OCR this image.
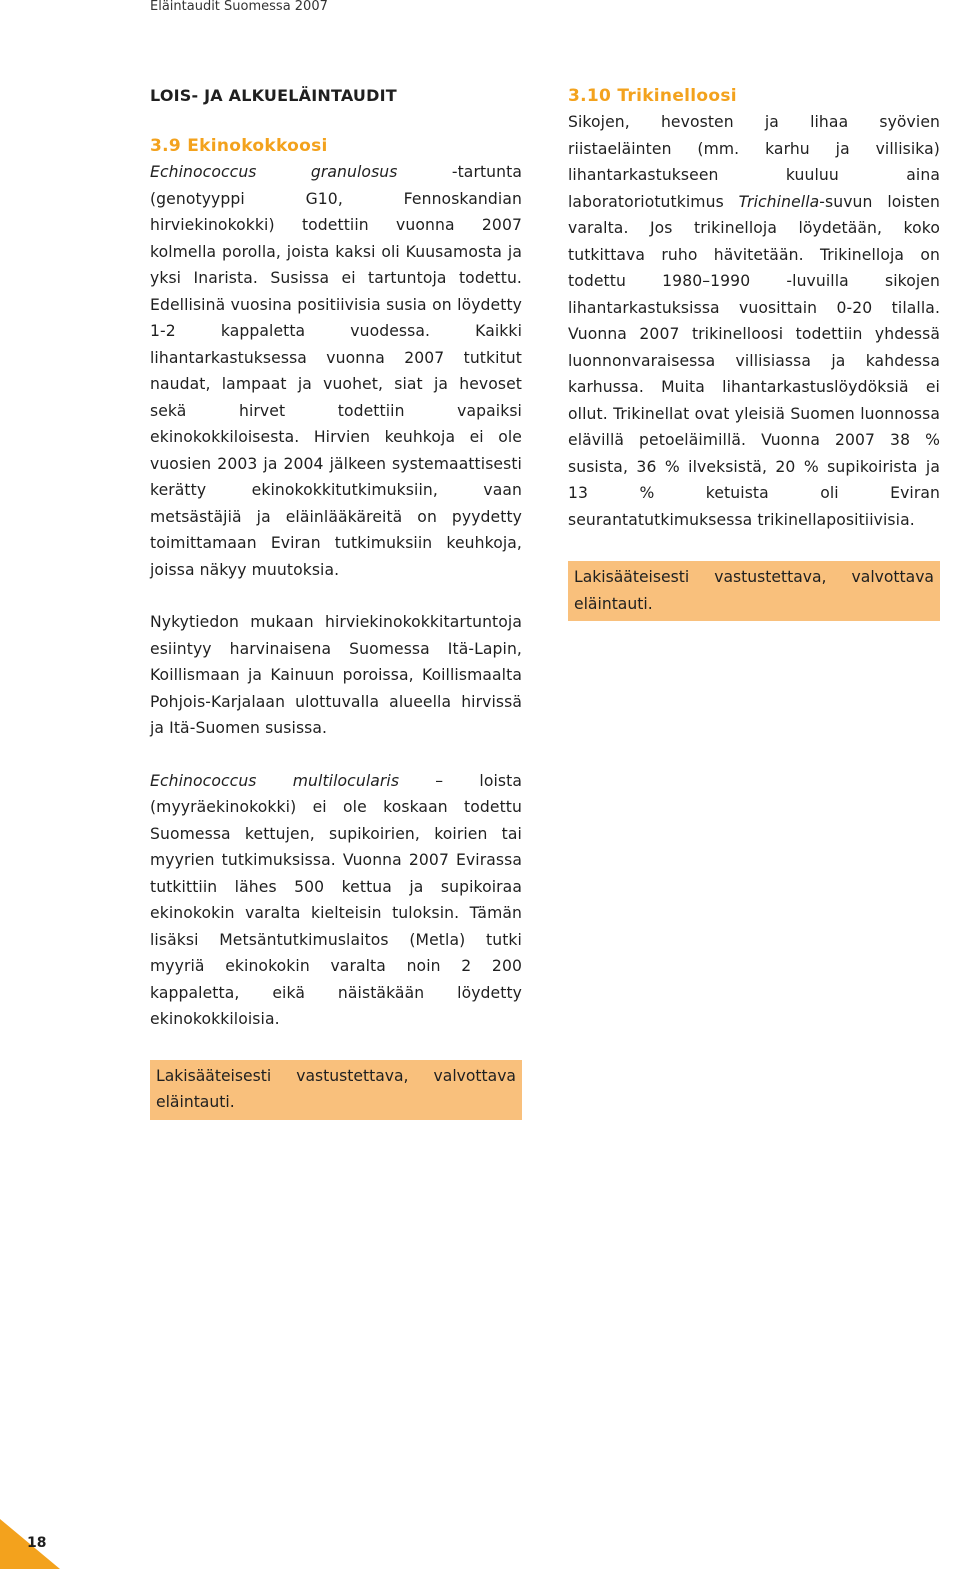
Eläintaudit Suomessa 2007
LOIS- JA ALKUELÄINTAUDIT
3.9 Ekinokokkoosi

Echinococcus granulosus -tartunta (genotyyppi G10, Fennoskandian hirviekinokokki) todettiin vuonna 2007 kolmella porolla, joista kaksi oli Kuusamosta ja yksi Inarista. Susissa ei tartuntoja todettu. Edellisinä vuosina positiivisia susia on löydetty 1-2 kappaletta vuodessa. Kaikki lihantarkastuksessa vuonna 2007 tutkitut naudat, lampaat ja vuohet, siat ja hevoset sekä hirvet todettiin vapaiksi ekinokokkiloisesta. Hirvien keuhkoja ei ole vuosien 2003 ja 2004 jälkeen systemaattisesti kerätty ekinokokkitutkimuksiin, vaan metsästäjiä ja eläinlääkäreitä on pyydetty toimittamaan Eviran tutkimuksiin keuhkoja, joissa näkyy muutoksia.

Nykytiedon mukaan hirviekinokokkitartuntoja esiintyy harvinaisena Suomessa Itä-Lapin, Koillismaan ja Kainuun poroissa, Koillismaalta Pohjois-Karjalaan ulottuvalla alueella hirvissä ja Itä-Suomen susissa.

Echinococcus multilocularis – loista (myyräekinokokki) ei ole koskaan todettu Suomessa kettujen, supikoirien, koirien tai myyrien tutkimuksissa. Vuonna 2007 Evirassa tutkittiin lähes 500 kettua ja supikoiraa ekinokokin varalta kielteisin tuloksin. Tämän lisäksi Metsäntutkimuslaitos (Metla) tutki myyriä ekinokokin varalta noin 2 200 kappaletta, eikä näistäkään löydetty ekinokokkiloisia.

Lakisääteisesti vastustettava, valvottava eläintauti.
3.10 Trikinelloosi

Sikojen, hevosten ja lihaa syövien riistaeläinten (mm. karhu ja villisika) lihantarkastukseen kuuluu aina laboratoriotutkimus Trichinella-suvun loisten varalta. Jos trikinelloja löydetään, koko tutkittava ruho hävitetään. Trikinelloja on todettu 1980–1990 -luvuilla sikojen lihantarkastuksissa vuosittain 0-20 tilalla. Vuonna 2007 trikinelloosi todettiin yhdessä luonnonvaraisessa villisiassa ja kahdessa karhussa. Muita lihantarkastuslöydöksiä ei ollut. Trikinellat ovat yleisiä Suomen luonnossa elävillä petoeläimillä. Vuonna 2007 38 % susista, 36 % ilveksistä, 20 % supikoirista ja 13 % ketuista oli Eviran seurantatutkimuksessa trikinellapositiivisia.

Lakisääteisesti vastustettava, valvottava eläintauti.
18
